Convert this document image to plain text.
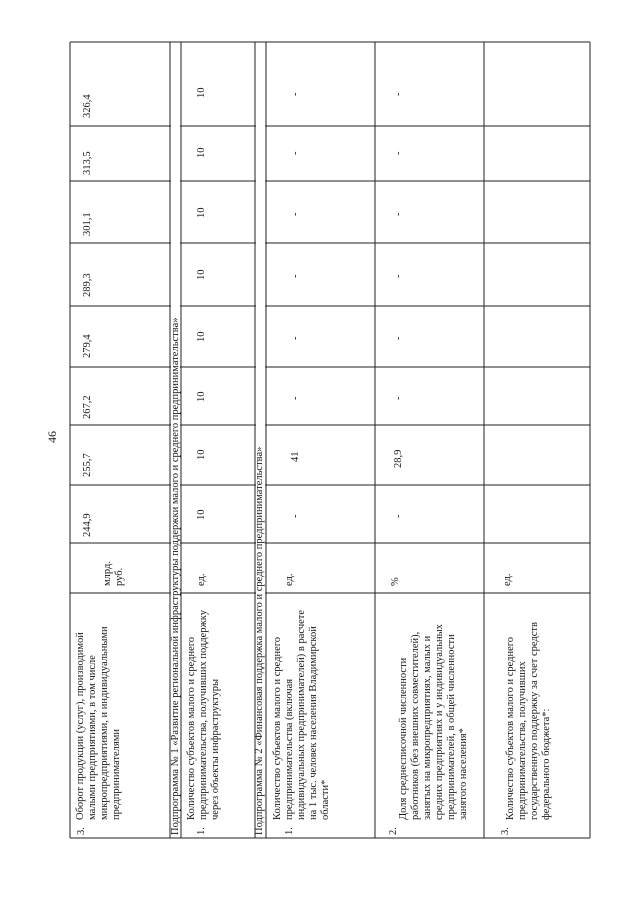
46
3.
Оборот продукции (услуг), производимой малыми предприятиями, в том числе микропредприятиями, и индивидуальными предпринимателями
млрд. руб.
244,9
255,7
267,2
279,4
289,3
301,1
313,5
326,4
Подпрограмма № 1 «Развитие региональной инфраструктуры поддержки малого и среднего предпринимательства» 1.
Количество субъектов малого и среднего предпринимательства, получивших поддержку через объекты инфраструктуры
ед.
10
10
10
10
10
10
10
10
Подпрограмма № 2 «Финансовая поддержка малого и среднего предпринимательства» 1.
Количество субъектов малого и среднего предпринимательства (включая индивидуальных предпринимателей) в расчете на 1 тыс. человек населения Владимирской области*
ед.
-
41
-
-
-
-
-
-
2.
Доля среднесписочной численности работников (без внешних совместителей), занятых на микропредприятиях, малых и средних предприятиях и у индивидуальных предпринимателей, в общей численности занятого населения*
%
-
28,9
-
-
-
-
-
-
3.
Количество субъектов малого и среднего предпринимательства, получивших государственную поддержку за счет средств федерального бюджета*:
ед.
